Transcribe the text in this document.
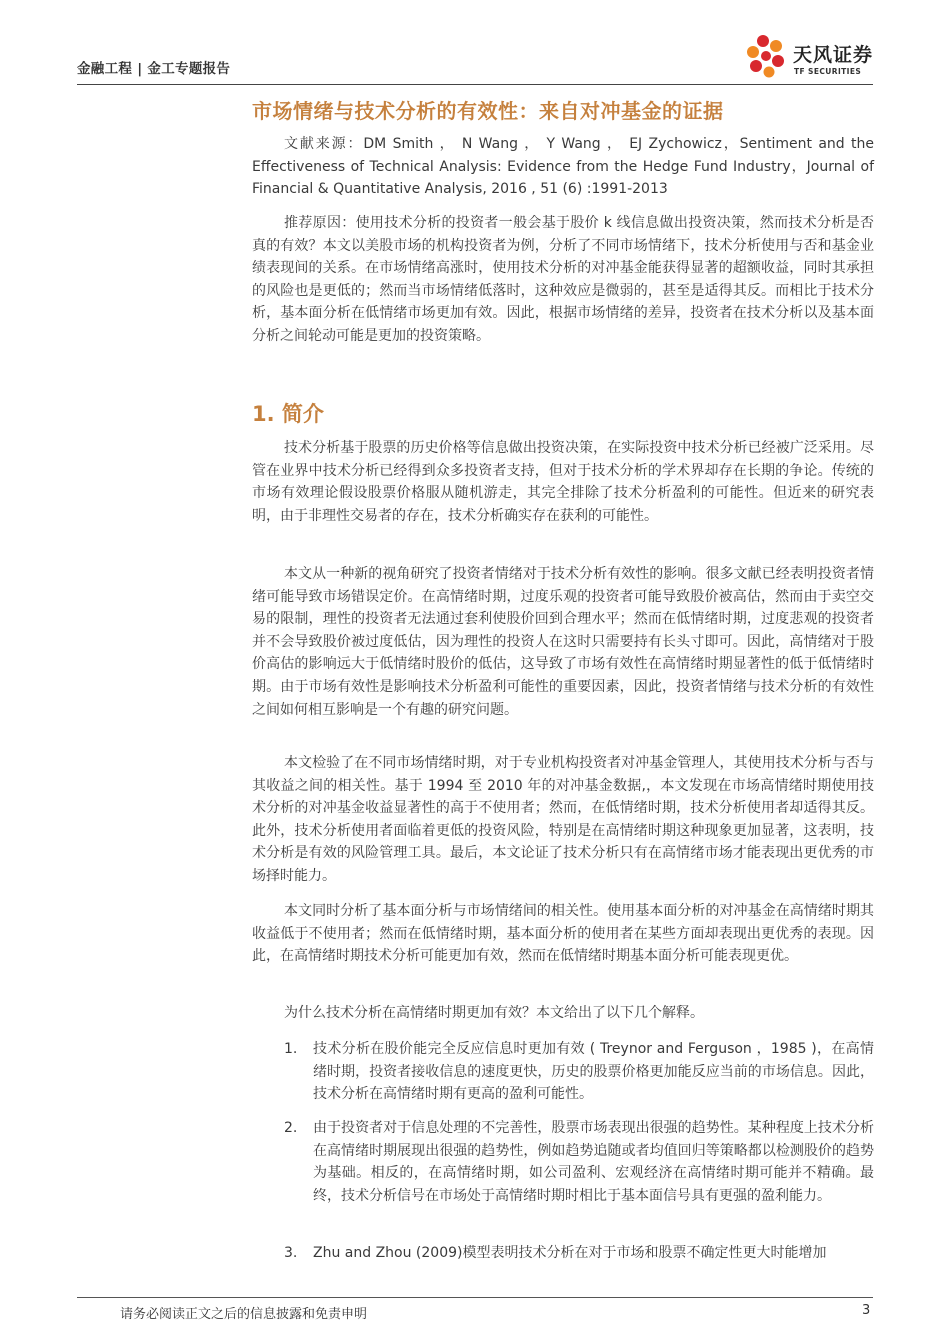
金融工程 | 金工专题报告
天风证券
TF SECURITIES
市场情绪与技术分析的有效性：来自对冲基金的证据
文献来源：DM Smith ， N Wang ， Y Wang ， EJ Zychowicz，Sentiment and the Effectiveness of Technical Analysis: Evidence from the Hedge Fund Industry，Journal of Financial & Quantitative Analysis, 2016 , 51 (6) :1991-2013
推荐原因：使用技术分析的投资者一般会基于股价 k 线信息做出投资决策，然而技术分析是否真的有效？本文以美股市场的机构投资者为例，分析了不同市场情绪下，技术分析使用与否和基金业绩表现间的关系。在市场情绪高涨时，使用技术分析的对冲基金能获得显著的超额收益，同时其承担的风险也是更低的；然而当市场情绪低落时，这种效应是微弱的，甚至是适得其反。而相比于技术分析，基本面分析在低情绪市场更加有效。因此，根据市场情绪的差异，投资者在技术分析以及基本面分析之间轮动可能是更加的投资策略。
1. 简介
技术分析基于股票的历史价格等信息做出投资决策，在实际投资中技术分析已经被广泛采用。尽管在业界中技术分析已经得到众多投资者支持，但对于技术分析的学术界却存在长期的争论。传统的市场有效理论假设股票价格服从随机游走，其完全排除了技术分析盈利的可能性。但近来的研究表明，由于非理性交易者的存在，技术分析确实存在获利的可能性。
本文从一种新的视角研究了投资者情绪对于技术分析有效性的影响。很多文献已经表明投资者情绪可能导致市场错误定价。在高情绪时期，过度乐观的投资者可能导致股价被高估，然而由于卖空交易的限制，理性的投资者无法通过套利使股价回到合理水平；然而在低情绪时期，过度悲观的投资者并不会导致股价被过度低估，因为理性的投资人在这时只需要持有长头寸即可。因此，高情绪对于股价高估的影响远大于低情绪时股价的低估，这导致了市场有效性在高情绪时期显著性的低于低情绪时期。由于市场有效性是影响技术分析盈利可能性的重要因素，因此，投资者情绪与技术分析的有效性之间如何相互影响是一个有趣的研究问题。
本文检验了在不同市场情绪时期，对于专业机构投资者对冲基金管理人，其使用技术分析与否与其收益之间的相关性。基于 1994 至 2010 年的对冲基金数据,，本文发现在市场高情绪时期使用技术分析的对冲基金收益显著性的高于不使用者；然而，在低情绪时期，技术分析使用者却适得其反。此外，技术分析使用者面临着更低的投资风险，特别是在高情绪时期这种现象更加显著，这表明，技术分析是有效的风险管理工具。最后，本文论证了技术分析只有在高情绪市场才能表现出更优秀的市场择时能力。
本文同时分析了基本面分析与市场情绪间的相关性。使用基本面分析的对冲基金在高情绪时期其收益低于不使用者；然而在低情绪时期，基本面分析的使用者在某些方面却表现出更优秀的表现。因此，在高情绪时期技术分析可能更加有效，然而在低情绪时期基本面分析可能表现更优。
为什么技术分析在高情绪时期更加有效？本文给出了以下几个解释。
1. 技术分析在股价能完全反应信息时更加有效 ( Treynor and Ferguson ，1985 )，在高情绪时期，投资者接收信息的速度更快，历史的股票价格更加能反应当前的市场信息。因此，技术分析在高情绪时期有更高的盈利可能性。
2. 由于投资者对于信息处理的不完善性，股票市场表现出很强的趋势性。某种程度上技术分析在高情绪时期展现出很强的趋势性，例如趋势追随或者均值回归等策略都以检测股价的趋势为基础。相反的，在高情绪时期，如公司盈利、宏观经济在高情绪时期可能并不精确。最终，技术分析信号在市场处于高情绪时期时相比于基本面信号具有更强的盈利能力。
3. Zhu and Zhou (2009)模型表明技术分析在对于市场和股票不确定性更大时能增加
请务必阅读正文之后的信息披露和免责申明	3
